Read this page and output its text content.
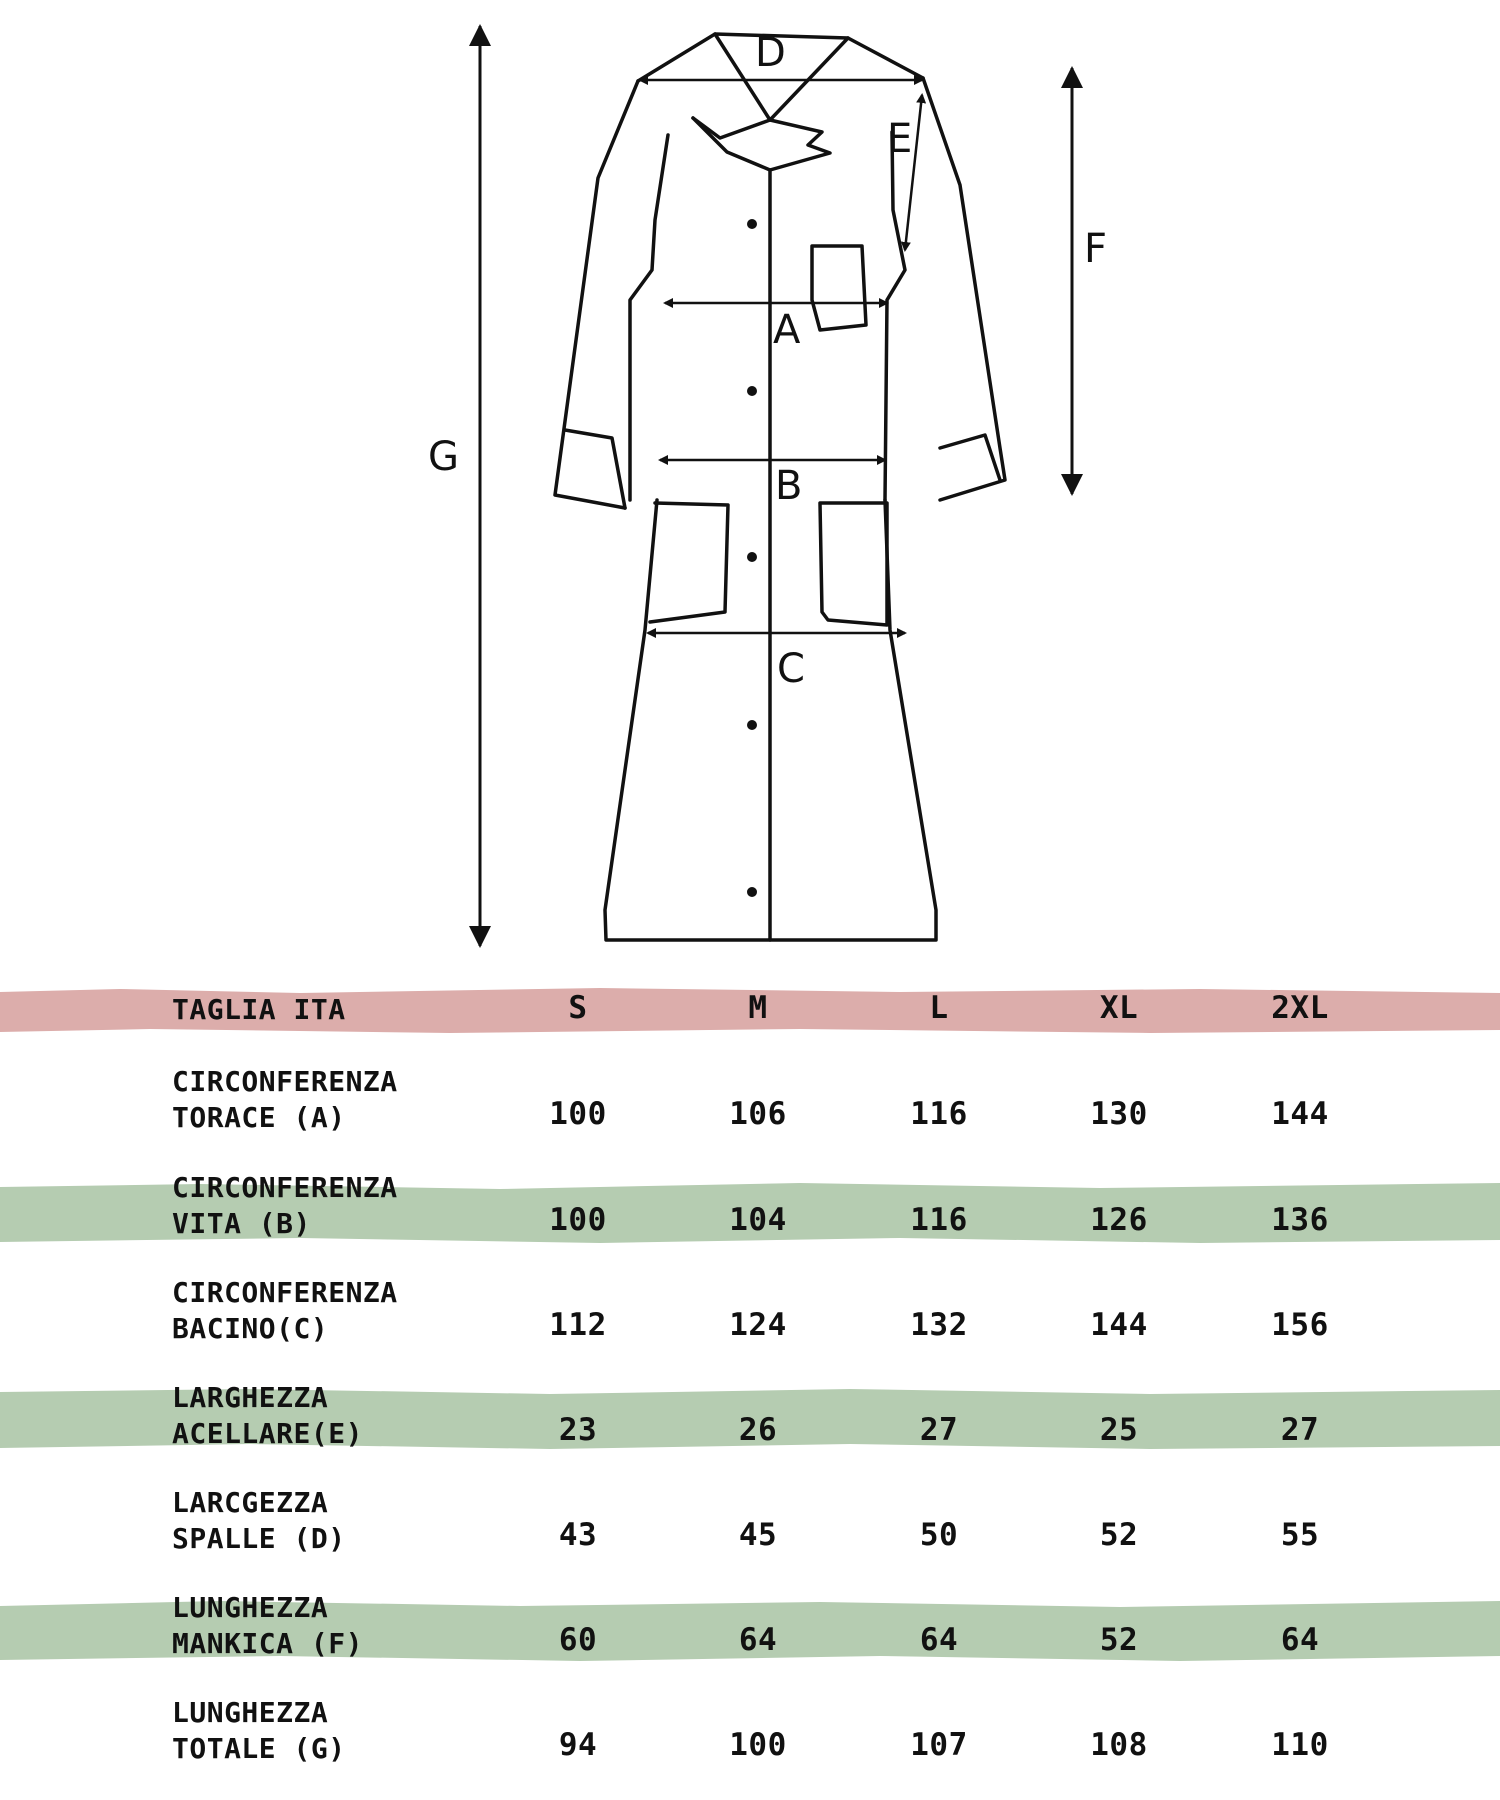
D
E
A
B
C
F
G
TAGLIA ITA	S	M	L	XL	2XL
CIRCONFERENZA
TORACE (A)	100	106	116	130	144
CIRCONFERENZA
VITA (B)	100	104	116	126	136
CIRCONFERENZA
BACINO(C)	112	124	132	144	156
LARGHEZZA
ACELLARE(E)	23	26	27	25	27
LARCGEZZA
SPALLE (D)	43	45	50	52	55
LUNGHEZZA
MANKICA (F)	60	64	64	52	64
LUNGHEZZA
TOTALE (G)	94	100	107	108	110
